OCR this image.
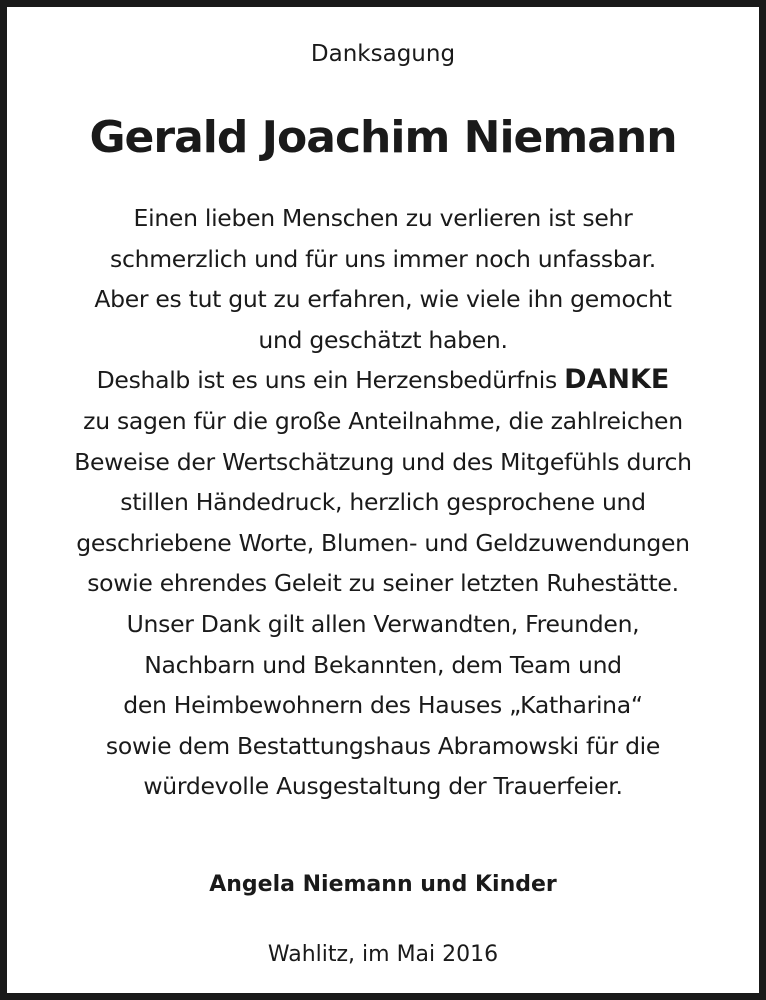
Danksagung
Gerald Joachim Niemann
Einen lieben Menschen zu verlieren ist sehr
schmerzlich und für uns immer noch unfassbar.
Aber es tut gut zu erfahren, wie viele ihn gemocht
und geschätzt haben.
Deshalb ist es uns ein Herzensbedürfnis DANKE
zu sagen für die große Anteilnahme, die zahlreichen
Beweise der Wertschätzung und des Mitgefühls durch
stillen Händedruck, herzlich gesprochene und
geschriebene Worte, Blumen- und Geldzuwendungen
sowie ehrendes Geleit zu seiner letzten Ruhestätte.
Unser Dank gilt allen Verwandten, Freunden,
Nachbarn und Bekannten, dem Team und
den Heimbewohnern des Hauses „Katharina“
sowie dem Bestattungshaus Abramowski für die
würdevolle Ausgestaltung der Trauerfeier.
Angela Niemann und Kinder
Wahlitz, im Mai 2016
